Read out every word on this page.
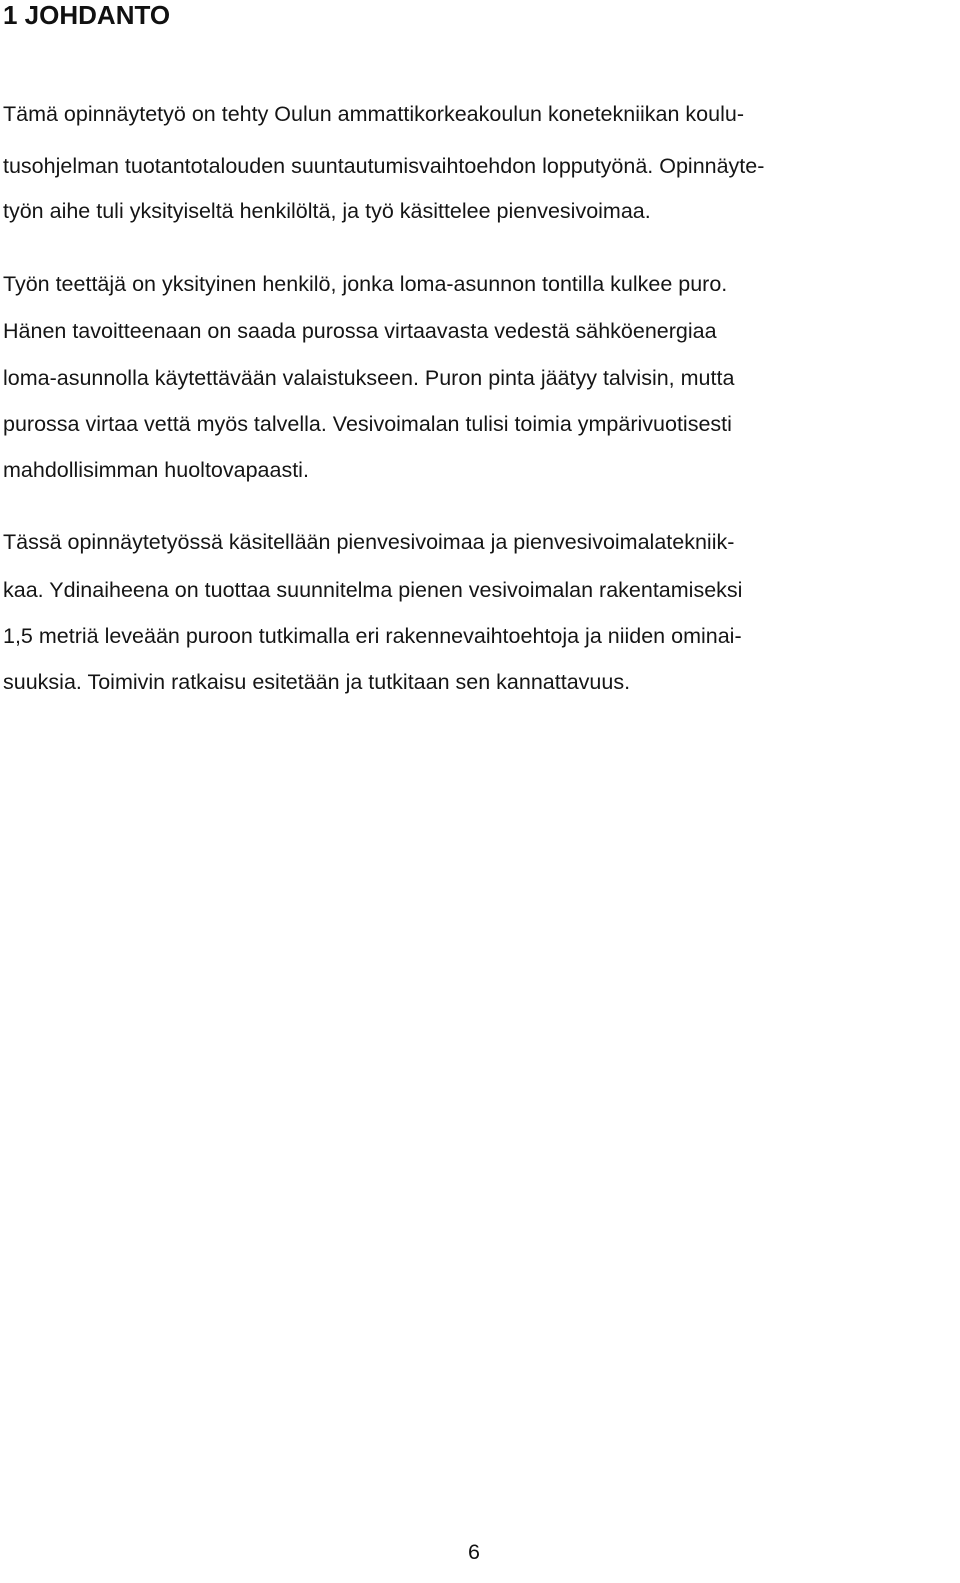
1 JOHDANTO

Tämä opinnäytetyö on tehty Oulun ammattikorkeakoulun konetekniikan koulu-

tusohjelman tuotantotalouden suuntautumisvaihtoehdon lopputyönä. Opinnäyte-

työn aihe tuli yksityiseltä henkilöltä, ja työ käsittelee pienvesivoimaa.

Työn teettäjä on yksityinen henkilö, jonka loma-asunnon tontilla kulkee puro.

Hänen tavoitteenaan on saada purossa virtaavasta vedestä sähköenergiaa

loma-asunnolla käytettävään valaistukseen. Puron pinta jäätyy talvisin, mutta

purossa virtaa vettä myös talvella. Vesivoimalan tulisi toimia ympärivuotisesti

mahdollisimman huoltovapaasti.

Tässä opinnäytetyössä käsitellään pienvesivoimaa ja pienvesivoimalatekniik-

kaa. Ydinaiheena on tuottaa suunnitelma pienen vesivoimalan rakentamiseksi

1,5 metriä leveään puroon tutkimalla eri rakennevaihtoehtoja ja niiden ominai-

suuksia. Toimivin ratkaisu esitetään ja tutkitaan sen kannattavuus.

6
